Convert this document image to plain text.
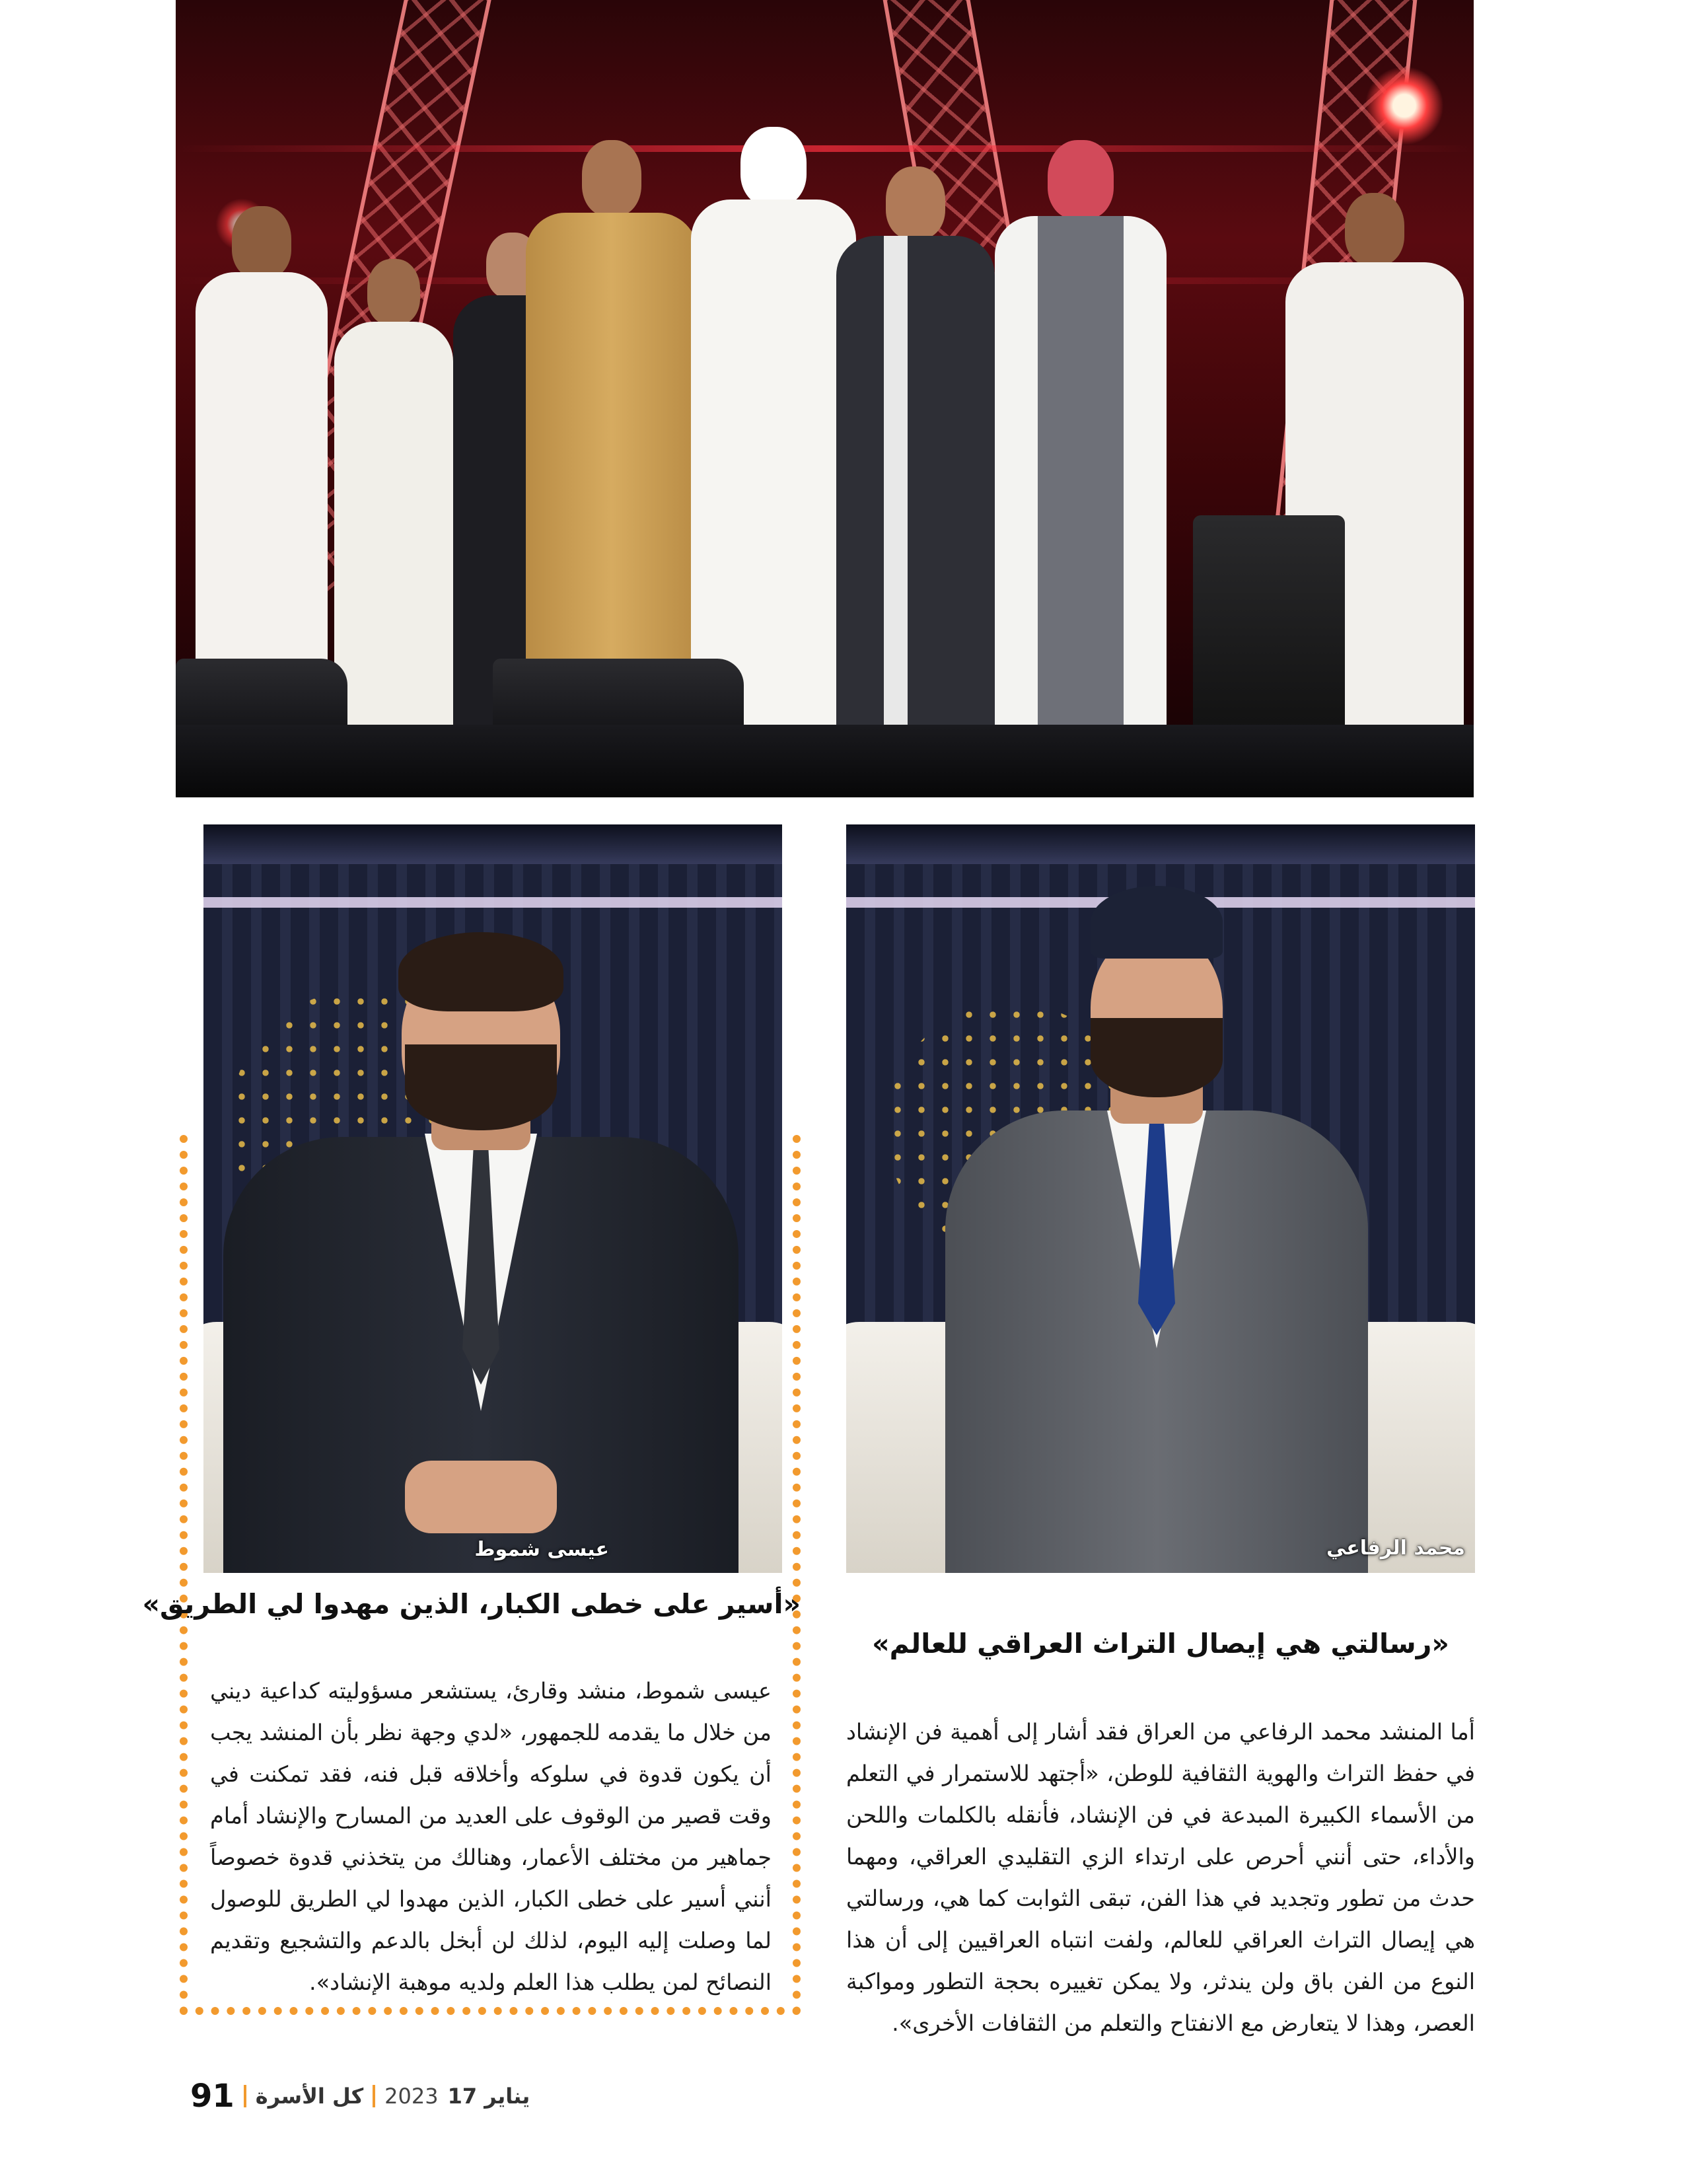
عيسى شموط	محمد الرفاعي
«أسير على خطى الكبار، الذين مهدوا لي الطريق»

عيسى شموط، منشد وقارئ، يستشعر مسؤوليته كداعية ديني من خلال ما يقدمه للجمهور، «لدي وجهة نظر بأن المنشد يجب أن يكون قدوة في سلوكه وأخلاقه قبل فنه، فقد تمكنت في وقت قصير من الوقوف على العديد من المسارح والإنشاد أمام جماهير من مختلف الأعمار، وهنالك من يتخذني قدوة خصوصاً أنني أسير على خطى الكبار، الذين مهدوا لي الطريق للوصول لما وصلت إليه اليوم، لذلك لن أبخل بالدعم والتشجيع وتقديم النصائح لمن يطلب هذا العلم ولديه موهبة الإنشاد».

«رسالتي هي إيصال التراث العراقي للعالم»

أما المنشد محمد الرفاعي من العراق فقد أشار إلى أهمية فن الإنشاد في حفظ التراث والهوية الثقافية للوطن، «أجتهد للاستمرار في التعلم من الأسماء الكبيرة المبدعة في فن الإنشاد، فأنقله بالكلمات واللحن والأداء، حتى أنني أحرص على ارتداء الزي التقليدي العراقي، ومهما حدث من تطور وتجديد في هذا الفن، تبقى الثوابت كما هي، ورسالتي هي إيصال التراث العراقي للعالم، ولفت انتباه العراقيين إلى أن هذا النوع من الفن باق ولن يندثر، ولا يمكن تغييره بحجة التطور ومواكبة العصر، وهذا لا يتعارض مع الانفتاح والتعلم من الثقافات الأخرى».

91 كل الأسرة 2023 17 يناير
